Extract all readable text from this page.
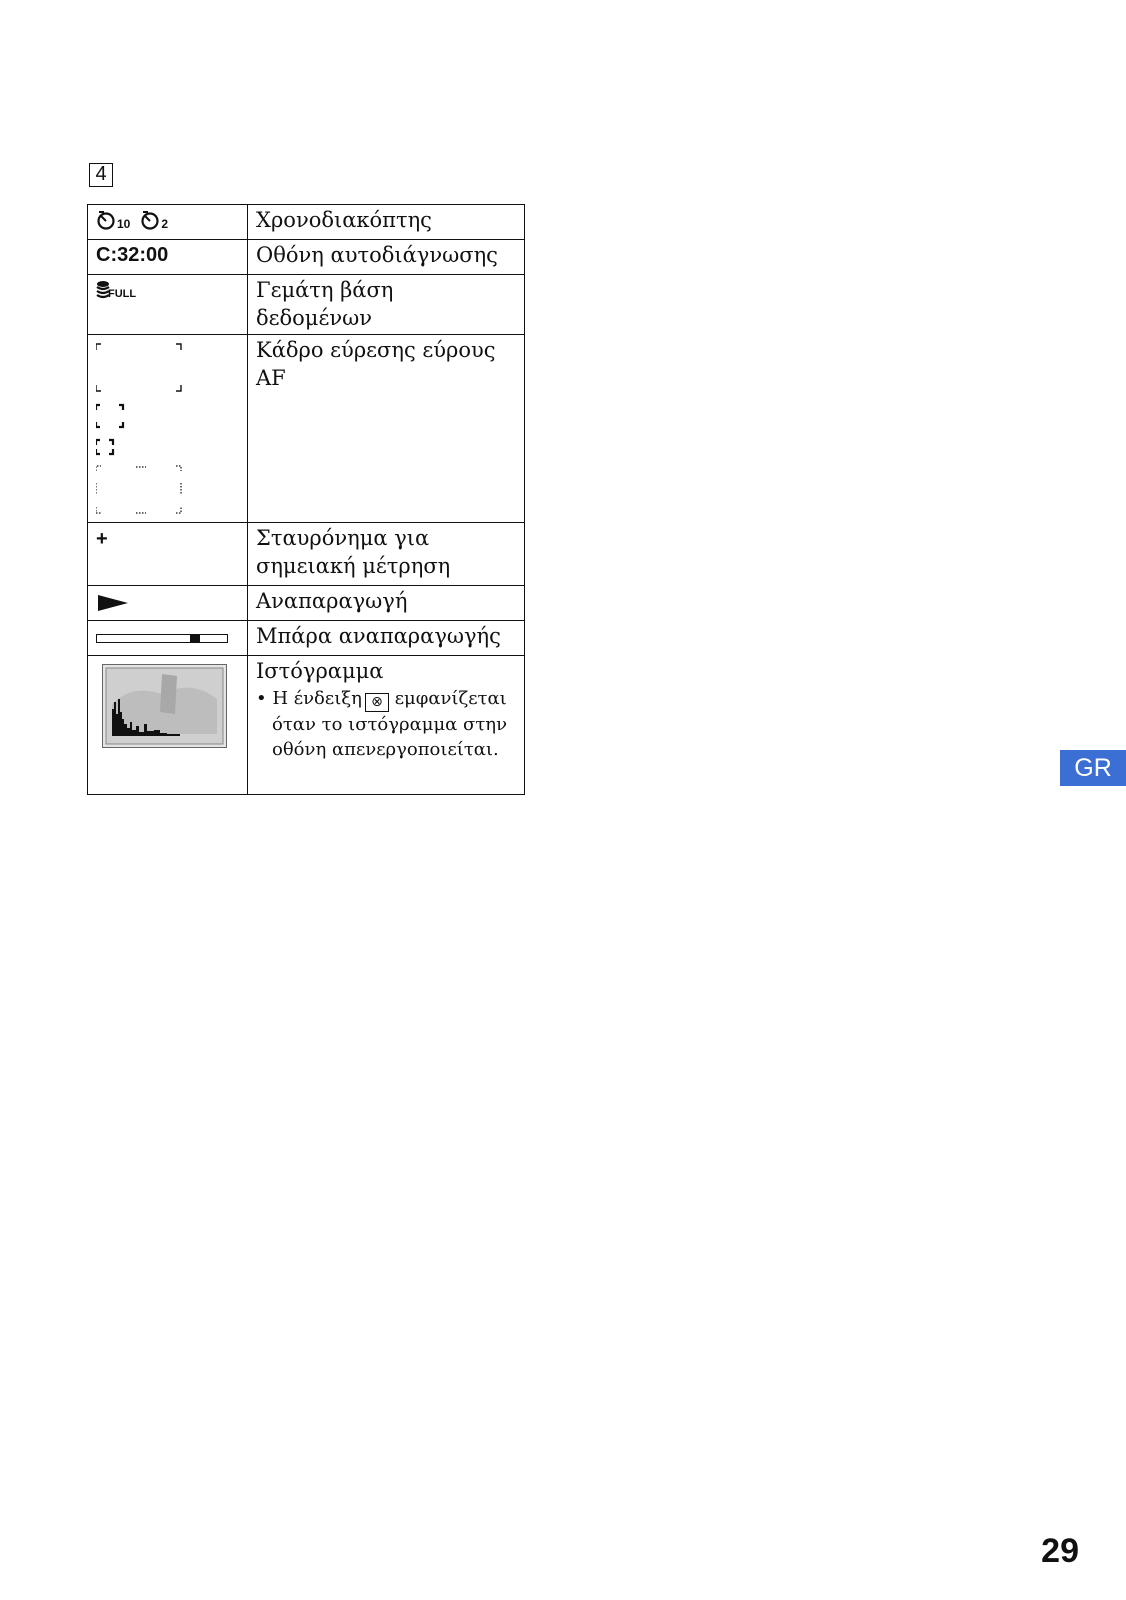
4
10 2	Χρονοδιακόπτης

C:32:00	Οθόνη αυτοδιάγνωσης

FULL	Γεμάτη βάση δεδομένων

Κάδρο εύρεσης εύρους
AF

+	Σταυρόνημα για
σημειακή μέτρηση

	Αναπαραγωγή

	Μπάρα αναπαραγωγής

Ιστόγραμμα
• Η ένδειξη ⊗ εμφανίζεται όταν το ιστόγραμμα στην οθόνη απενεργοποιείται.
GR
29
